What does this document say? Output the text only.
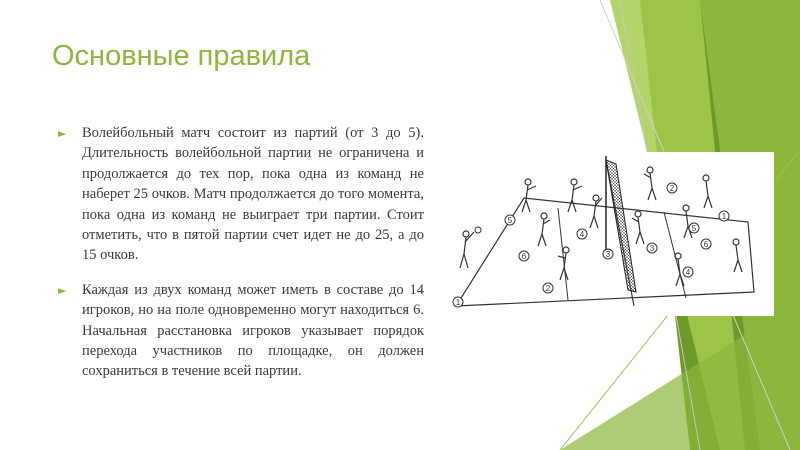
Основные правила

► Волейбольный матч состоит из партий (от 3 до 5). Длительность волейбольной партии не ограничена и продолжается до тех пор, пока одна из команд не наберет 25 очков. Матч продолжается до того момента, пока одна из команд не выиграет три партии. Стоит отметить, что в пятой партии счет идет не до 25, а до 15 очков.

► Каждая из двух команд может иметь в составе до 14 игроков, но на поле одновременно могут находиться 6. Начальная расстановка игроков указывает порядок перехода участников по площадке, он должен сохраниться в течение всей партии.

1
2
3
4
5
6
1
2
3
4
5
6
